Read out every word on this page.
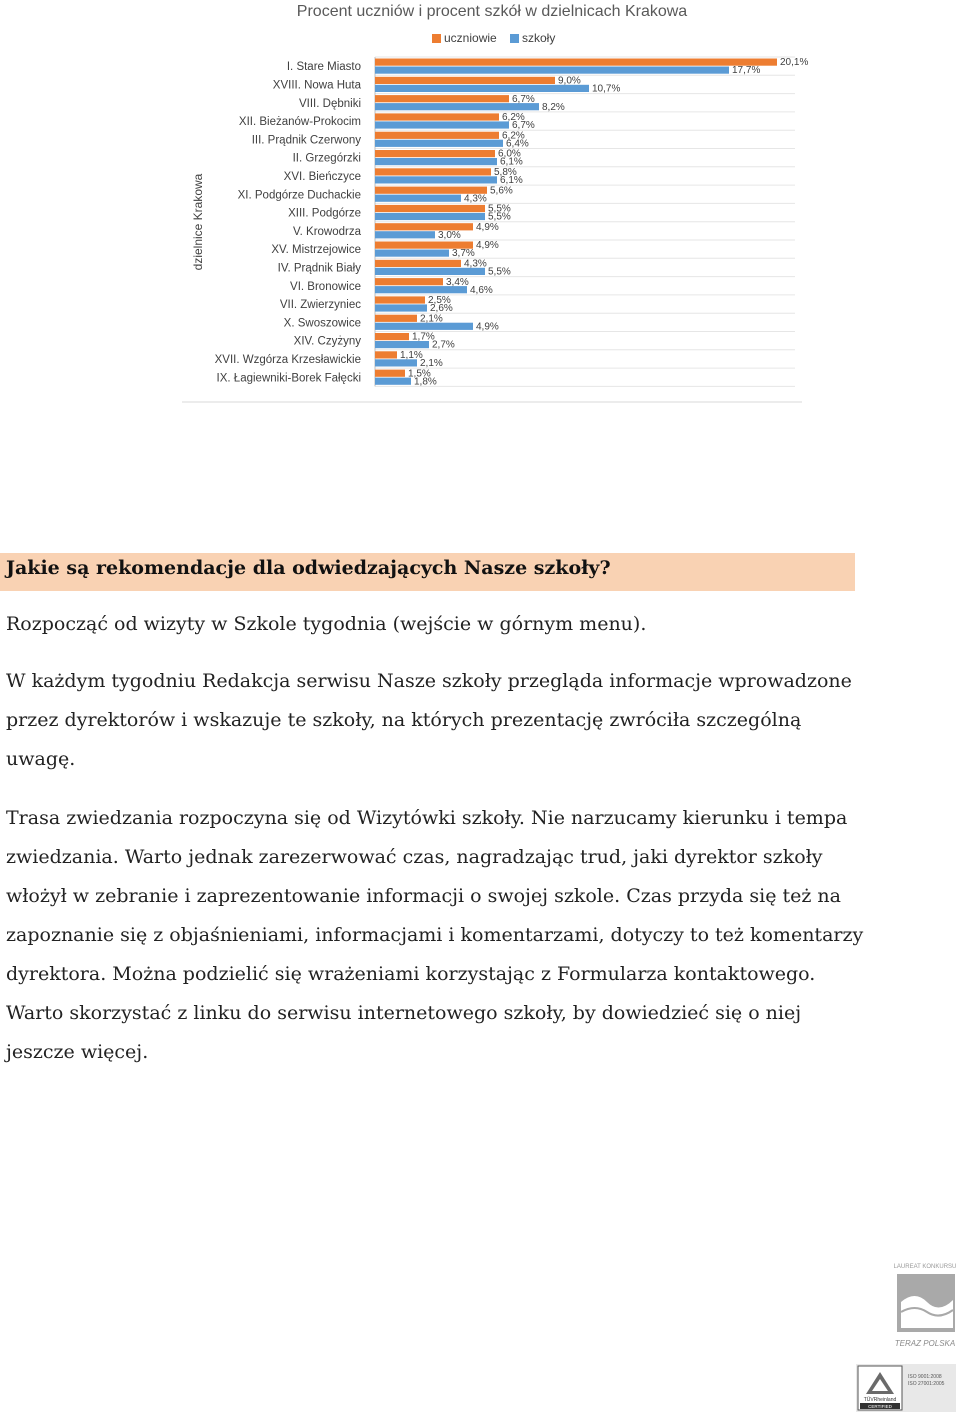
Procent uczniów i procent szkół w dzielnicach Krakowa
uczniowie szkoły
dzielnice Krakowa
I. Stare Miasto
XVIII. Nowa Huta
VIII. Dębniki
XII. Bieżanów-Prokocim
III. Prądnik Czerwony
II. Grzegórzki
XVI. Bieńczyce
XI. Podgórze Duchackie
XIII. Podgórze
V. Krowodrza
XV. Mistrzejowice
IV. Prądnik Biały
VI. Bronowice
VII. Zwierzyniec
X. Swoszowice
XIV. Czyżyny
XVII. Wzgórza Krzesławickie
IX. Łagiewniki-Borek Fałęcki
20,1%
17,7%
9,0%
10,7%
6,7%
8,2%
6,2%
6,7%
6,2%
6,4%
6,0%
6,1%
5,8%
6,1%
5,6%
4,3%
5,5%
5,5%
4,9%
3,0%
4,9%
3,7%
4,3%
5,5%
3,4%
4,6%
2,5%
2,6%
2,1%
4,9%
1,7%
2,7%
1,1%
2,1%
1,5%
1,8%
Jakie są rekomendacje dla odwiedzających Nasze szkoły?
Rozpocząć od wizyty w Szkole tygodnia (wejście w górnym menu).
W każdym tygodniu Redakcja serwisu Nasze szkoły przegląda informacje wprowadzone
przez dyrektorów i wskazuje te szkoły, na których prezentację zwróciła szczególną
uwagę.
Trasa zwiedzania rozpoczyna się od Wizytówki szkoły. Nie narzucamy kierunku i tempa
zwiedzania. Warto jednak zarezerwować czas, nagradzając trud, jaki dyrektor szkoły
włożył w zebranie i zaprezentowanie informacji o swojej szkole. Czas przyda się też na
zapoznanie się z objaśnieniami, informacjami i komentarzami, dotyczy to też komentarzy
dyrektora. Można podzielić się wrażeniami korzystając z Formularza kontaktowego.
Warto skorzystać z linku do serwisu internetowego szkoły, by dowiedzieć się o niej
jeszcze więcej.
LAUREAT KONKURSU
TERAZ POLSKA
TÜVRheinland
CERTIFIED
ISO 9001:2008
ISO 27001:2005
